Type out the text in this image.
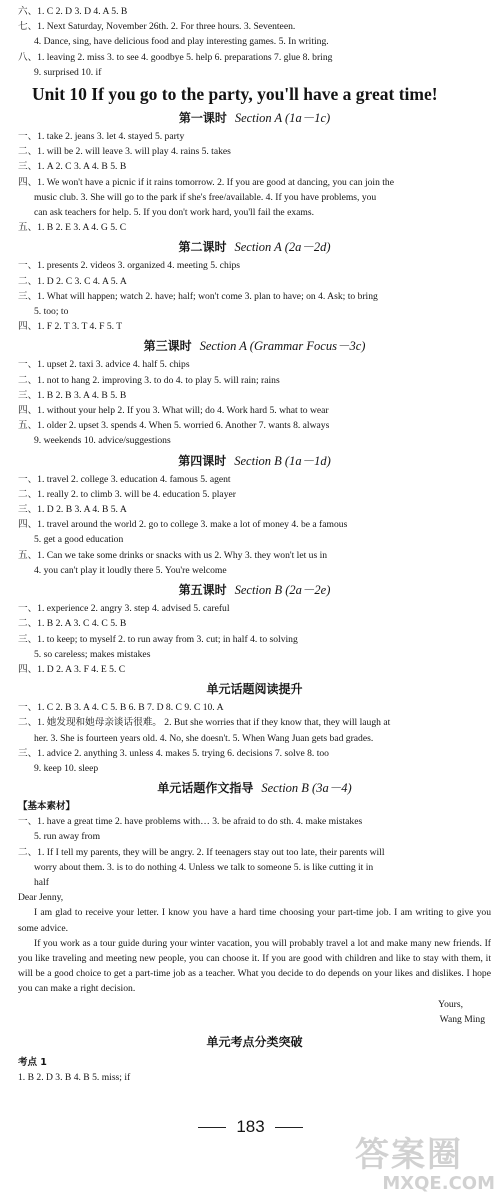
六、1. C 2. D 3. D 4. A 5. B
七、1. Next Saturday, November 26th. 2. For three hours. 3. Seventeen.
4. Dance, sing, have delicious food and play interesting games. 5. In writing.
八、1. leaving 2. miss 3. to see 4. goodbye 5. help 6. preparations 7. glue 8. bring
9. surprised 10. if
Unit 10 If you go to the party, you'll have a great time!
第一课时 Section A (1a－1c)
一、1. take 2. jeans 3. let 4. stayed 5. party
二、1. will be 2. will leave 3. will play 4. rains 5. takes
三、1. A 2. C 3. A 4. B 5. B
四、1. We won't have a picnic if it rains tomorrow. 2. If you are good at dancing, you can join the
music club. 3. She will go to the park if she's free/available. 4. If you have problems, you
can ask teachers for help. 5. If you don't work hard, you'll fail the exams.
五、1. B 2. E 3. A 4. G 5. C
第二课时 Section A (2a－2d)
一、1. presents 2. videos 3. organized 4. meeting 5. chips
二、1. D 2. C 3. C 4. A 5. A
三、1. What will happen; watch 2. have; half; won't come 3. plan to have; on 4. Ask; to bring
5. too; to
四、1. F 2. T 3. T 4. F 5. T
第三课时 Section A (Grammar Focus－3c)
一、1. upset 2. taxi 3. advice 4. half 5. chips
二、1. not to hang 2. improving 3. to do 4. to play 5. will rain; rains
三、1. B 2. B 3. A 4. B 5. B
四、1. without your help 2. If you 3. What will; do 4. Work hard 5. what to wear
五、1. older 2. upset 3. spends 4. When 5. worried 6. Another 7. wants 8. always
9. weekends 10. advice/suggestions
第四课时 Section B (1a－1d)
一、1. travel 2. college 3. education 4. famous 5. agent
二、1. really 2. to climb 3. will be 4. education 5. player
三、1. D 2. B 3. A 4. B 5. A
四、1. travel around the world 2. go to college 3. make a lot of money 4. be a famous
5. get a good education
五、1. Can we take some drinks or snacks with us 2. Why 3. they won't let us in
4. you can't play it loudly there 5. You're welcome
第五课时 Section B (2a－2e)
一、1. experience 2. angry 3. step 4. advised 5. careful
二、1. B 2. A 3. C 4. C 5. B
三、1. to keep; to myself 2. to run away from 3. cut; in half 4. to solving
5. so careless; makes mistakes
四、1. D 2. A 3. F 4. E 5. C
单元话题阅读提升
一、1. C 2. B 3. A 4. C 5. B 6. B 7. D 8. C 9. C 10. A
二、1. 她发现和她母亲谈话很难。 2. But she worries that if they know that, they will laugh at
her. 3. She is fourteen years old. 4. No, she doesn't. 5. When Wang Juan gets bad grades.
三、1. advice 2. anything 3. unless 4. makes 5. trying 6. decisions 7. solve 8. too
9. keep 10. sleep
单元话题作文指导 Section B (3a－4)
【基本素材】
一、1. have a great time 2. have problems with… 3. be afraid to do sth. 4. make mistakes
5. run away from
二、1. If I tell my parents, they will be angry. 2. If teenagers stay out too late, their parents will
worry about them. 3. is to do nothing 4. Unless we talk to someone 5. is like cutting it in
half
Dear Jenny,

I am glad to receive your letter. I know you have a hard time choosing your part-time job. I am writing to give you some advice.

If you work as a tour guide during your winter vacation, you will probably travel a lot and make many new friends. If you like traveling and meeting new people, you can choose it. If you are good with children and like to stay with them, it will be a good choice to get a part-time job as a teacher. What you decide to do depends on your likes and dislikes. I hope you can make a right decision.

Yours,
Wang Ming
单元考点分类突破
考点 1
1. B 2. D 3. B 4. B 5. miss; if
183
答案圈
MXQE.COM
